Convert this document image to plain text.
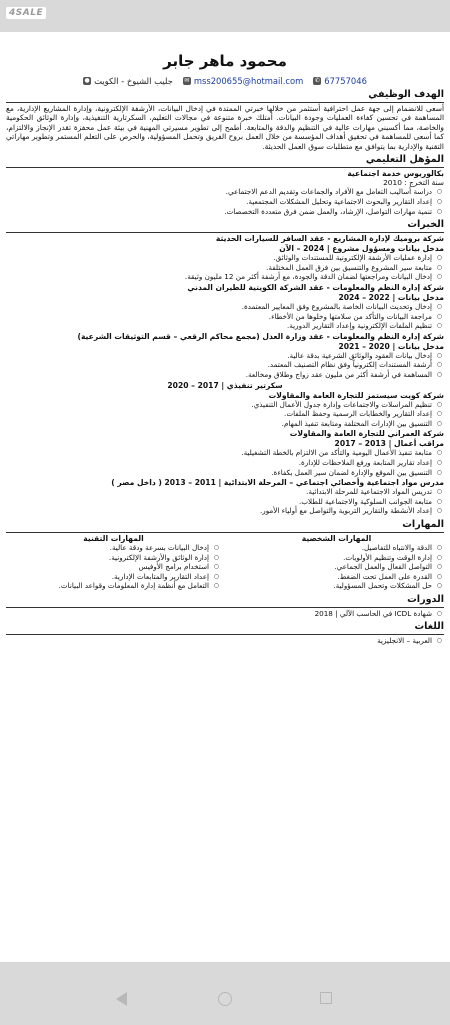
4SALE
محمود ماهر جابر
✆ 67757046
✉ mss200655@hotmail.com
● جليب الشيوخ - الكويت
الهدف الوظيفي
أسعى للانضمام إلى جهة عمل احترافية أستثمر من خلالها خبرتي الممتدة في إدخال البيانات، الأرشفة الإلكترونية، وإدارة المشاريع الإدارية، مع المساهمة في تحسين كفاءة العمليات وجودة البيانات. أمتلك خبرة متنوعة في مجالات التعليم، السكرتارية التنفيذية، وإدارة الوثائق الحكومية والخاصة، مما أكسبني مهارات عالية في التنظيم والدقة والمتابعة. أطمح إلى تطوير مسيرتي المهنية في بيئة عمل محفزة تقدر الإنجاز والالتزام، كما أسعى للمساهمة في تحقيق أهداف المؤسسة من خلال العمل بروح الفريق وتحمل المسؤولية، والحرص على التعلم المستمر وتطوير مهاراتي التقنية والإدارية بما يتوافق مع متطلبات سوق العمل الحديثة.
المؤهل التعليمي
بكالوريوس خدمة اجتماعية
سنة التخرج : 2010
○ دراسة أساليب التعامل مع الأفراد والجماعات وتقديم الدعم الاجتماعي.
○ إعداد التقارير والبحوث الاجتماعية وتحليل المشكلات المجتمعية.
○ تنمية مهارات التواصل، الإرشاد، والعمل ضمن فرق متعددة التخصصات.
الخبرات
شركة بروميك لإدارة المشاريع - عقد السافر للسيارات الحديثة
مدخل بيانات ومسؤول مشروع | 2024 – الآن
○ إدارة عمليات الأرشفة الإلكترونية للمستندات والوثائق.
○ متابعة سير المشروع والتنسيق بين فرق العمل المختلفة.
○ إدخال البيانات ومراجعتها لضمان الدقة والجودة، مع أرشفة أكثر من 12 مليون وثيقة.
شركة إدارة النظم والمعلومات - عقد الشركة الكويتية للطيران المدني
مدخل بيانات | 2022 – 2024
○ إدخال وتحديث البيانات الخاصة بالمشروع وفق المعايير المعتمدة.
○ مراجعة البيانات والتأكد من سلامتها وخلوها من الأخطاء.
○ تنظيم الملفات الإلكترونية وإعداد التقارير الدورية.
شركة إدارة النظم والمعلومات - عقد وزارة العدل (مجمع محاكم الرقعي – قسم التوثيقات الشرعية)
مدخل بيانات | 2020 – 2021
○ إدخال بيانات العقود والوثائق الشرعية بدقة عالية.
○ أرشفة المستندات إلكترونياً وفق نظام التصنيف المعتمد.
○ المساهمة في أرشفة أكثر من مليون عقد زواج وطلاق ومخالعة.
سكرتير تنفيذي | 2017 – 2020
شركة كويت سيستمز للتجارة العامة والمقاولات
○ تنظيم المراسلات والاجتماعات وإدارة جدول الأعمال التنفيذي.
○ إعداد التقارير والخطابات الرسمية وحفظ الملفات.
○ التنسيق بين الإدارات المختلفة ومتابعة تنفيذ المهام.
شركة العمراني للتجارة العامة والمقاولات
مراقب أعمال | 2013 – 2017
○ متابعة تنفيذ الأعمال اليومية والتأكد من الالتزام بالخطة التشغيلية.
○ إعداد تقارير المتابعة ورفع الملاحظات للإدارة.
○ التنسيق بين الموقع والإدارة لضمان سير العمل بكفاءة.
مدرس مواد اجتماعية وأخصائي اجتماعي – المرحلة الابتدائية | 2011 – 2013 ( داخل مصر )
○ تدريس المواد الاجتماعية للمرحلة الابتدائية.
○ متابعة الجوانب السلوكية والاجتماعية للطلاب.
○ إعداد الأنشطة والتقارير التربوية والتواصل مع أولياء الأمور.
المهارات
المهارات الشخصية
○ الدقة والانتباه للتفاصيل.
○ إدارة الوقت وتنظيم الأولويات.
○ التواصل الفعال والعمل الجماعي.
○ القدرة على العمل تحت الضغط.
○ حل المشكلات وتحمل المسؤولية.
المهارات التقنية
○ إدخال البيانات بسرعة ودقة عالية.
○ إدارة الوثائق والأرشفة الإلكترونية.
○ استخدام برامج الأوفيس
○ إعداد التقارير والمتابعات الإدارية.
○ التعامل مع أنظمة إدارة المعلومات وقواعد البيانات.
الدورات
○ شهادة ICDL في الحاسب الآلي | 2018
اللغات
○ العربية – الانجليزية
